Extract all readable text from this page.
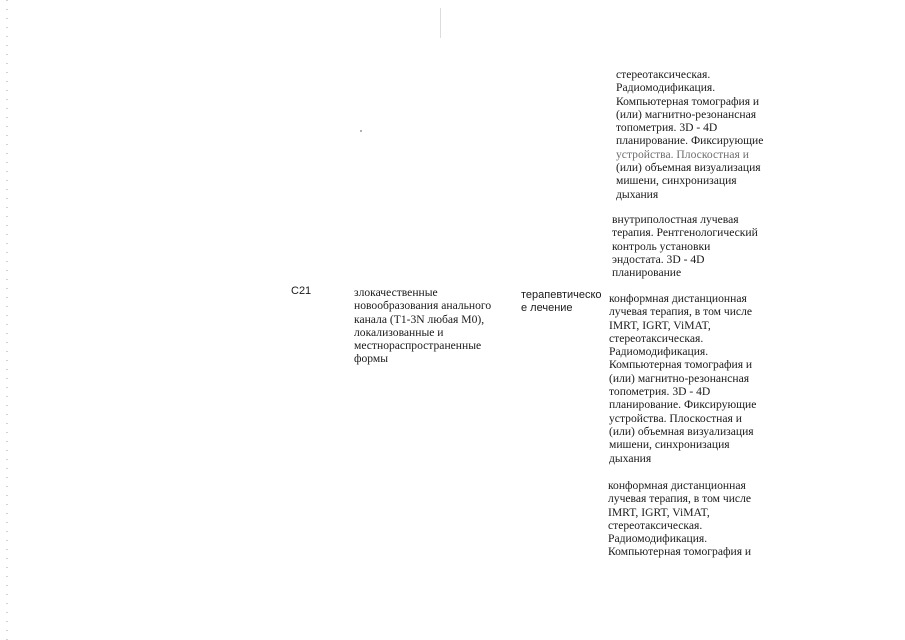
стереотаксическая.
Радиомодификация.
Компьютерная томография и
(или) магнитно-резонансная
топометрия. 3D - 4D
планирование. Фиксирующие
устройства. Плоскостная и
(или) объемная визуализация
мишени, синхронизация
дыхания
внутриполостная лучевая
терапия. Рентгенологический
контроль установки
эндостата. 3D - 4D
планирование
C21	злокачественные
новообразования анального
канала (T1-3N любая M0),
локализованные и
местнораспространенные
формы
терапевтическо
е лечение
конформная дистанционная
лучевая терапия, в том числе
IMRT, IGRT, ViMAT,
стереотаксическая.
Радиомодификация.
Компьютерная томография и
(или) магнитно-резонансная
топометрия. 3D - 4D
планирование. Фиксирующие
устройства. Плоскостная и
(или) объемная визуализация
мишени, синхронизация
дыхания
конформная дистанционная
лучевая терапия, в том числе
IMRT, IGRT, ViMAT,
стереотаксическая.
Радиомодификация.
Компьютерная томография и
